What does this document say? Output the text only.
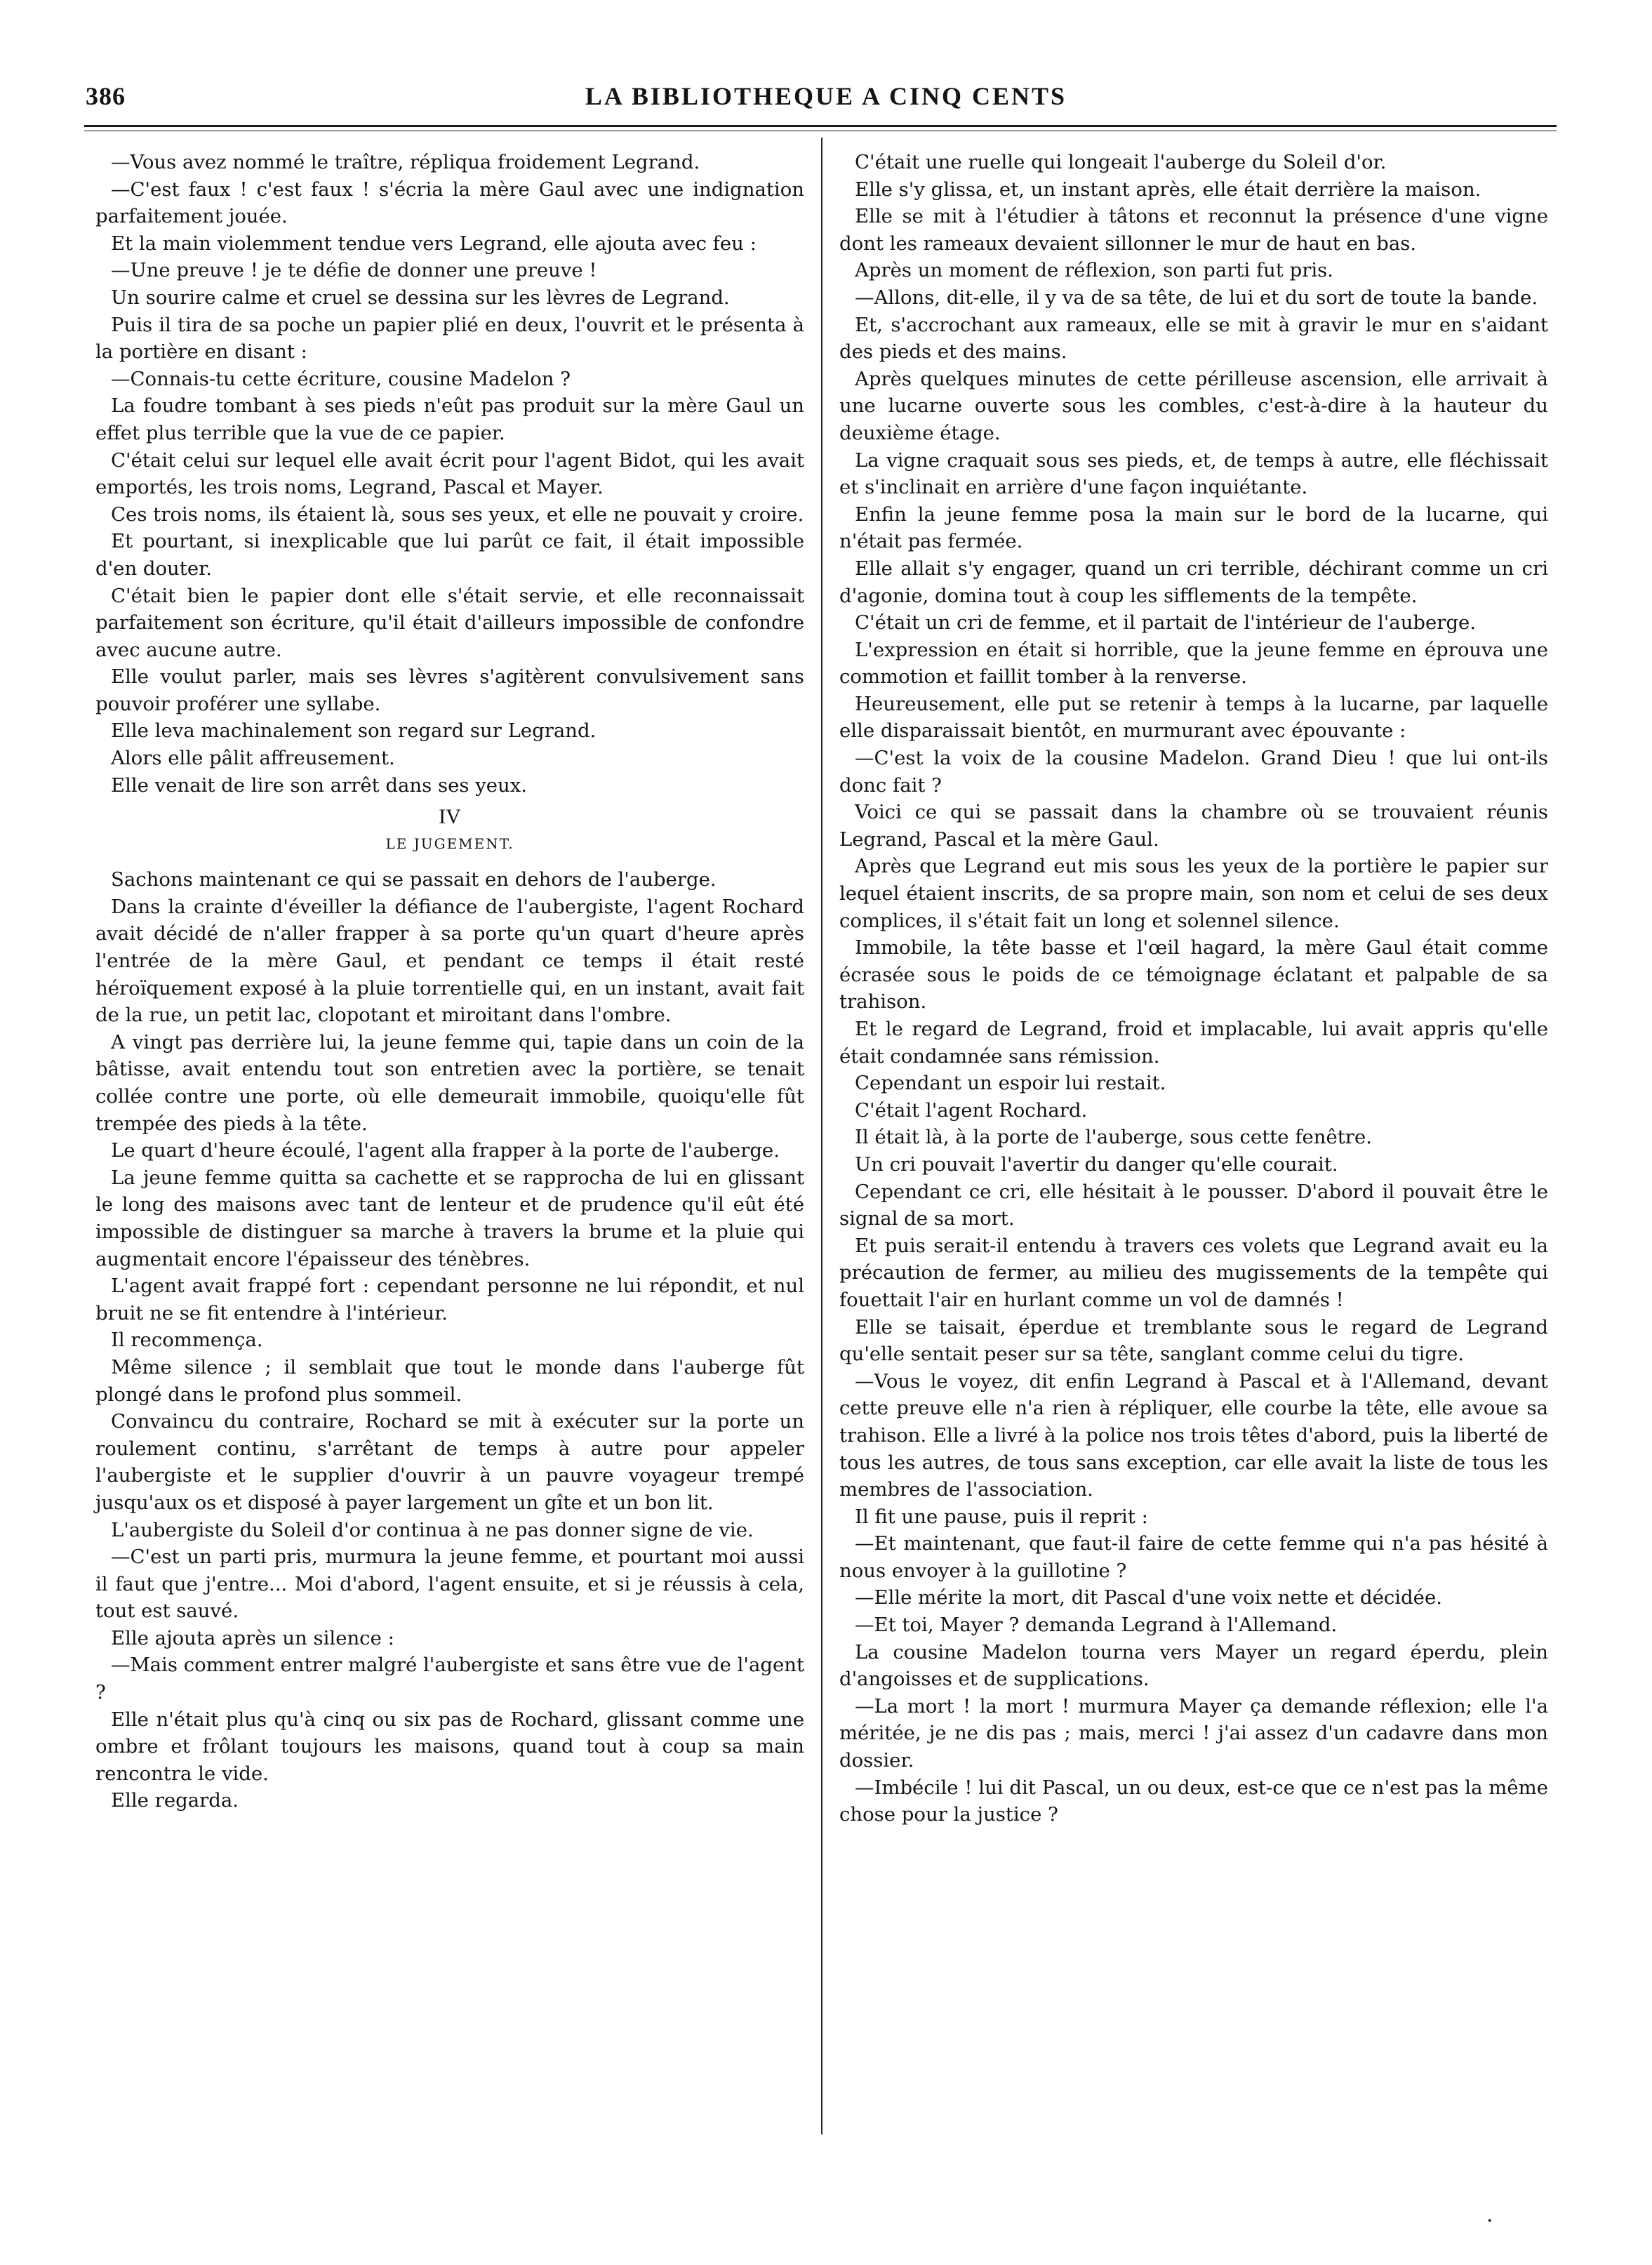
386	LA BIBLIOTHEQUE A CINQ CENTS

—Vous avez nommé le traître, répliqua froidement Legrand.

—C'est faux ! c'est faux ! s'écria la mère Gaul avec une indignation parfaitement jouée.

Et la main violemment tendue vers Legrand, elle ajouta avec feu :

—Une preuve ! je te défie de donner une preuve !

Un sourire calme et cruel se dessina sur les lèvres de Legrand.

Puis il tira de sa poche un papier plié en deux, l'ouvrit et le présenta à la portière en disant :

—Connais-tu cette écriture, cousine Madelon ?

La foudre tombant à ses pieds n'eût pas produit sur la mère Gaul un effet plus terrible que la vue de ce papier.

C'était celui sur lequel elle avait écrit pour l'agent Bidot, qui les avait emportés, les trois noms, Legrand, Pascal et Mayer.

Ces trois noms, ils étaient là, sous ses yeux, et elle ne pouvait y croire.

Et pourtant, si inexplicable que lui parût ce fait, il était impossible d'en douter.

C'était bien le papier dont elle s'était servie, et elle reconnaissait parfaitement son écriture, qu'il était d'ailleurs impossible de confondre avec aucune autre.

Elle voulut parler, mais ses lèvres s'agitèrent convulsivement sans pouvoir proférer une syllabe.

Elle leva machinalement son regard sur Legrand.

Alors elle pâlit affreusement.

Elle venait de lire son arrêt dans ses yeux.

IV
LE JUGEMENT.

Sachons maintenant ce qui se passait en dehors de l'auberge.

Dans la crainte d'éveiller la défiance de l'aubergiste, l'agent Rochard avait décidé de n'aller frapper à sa porte qu'un quart d'heure après l'entrée de la mère Gaul, et pendant ce temps il était resté héroïquement exposé à la pluie torrentielle qui, en un instant, avait fait de la rue, un petit lac, clopotant et miroitant dans l'ombre.

A vingt pas derrière lui, la jeune femme qui, tapie dans un coin de la bâtisse, avait entendu tout son entretien avec la portière, se tenait collée contre une porte, où elle demeurait immobile, quoiqu'elle fût trempée des pieds à la tête.

Le quart d'heure écoulé, l'agent alla frapper à la porte de l'auberge.

La jeune femme quitta sa cachette et se rapprocha de lui en glissant le long des maisons avec tant de lenteur et de prudence qu'il eût été impossible de distinguer sa marche à travers la brume et la pluie qui augmentait encore l'épaisseur des ténèbres.

L'agent avait frappé fort : cependant personne ne lui répondit, et nul bruit ne se fit entendre à l'intérieur.

Il recommença.

Même silence ; il semblait que tout le monde dans l'auberge fût plongé dans le profond plus sommeil.

Convaincu du contraire, Rochard se mit à exécuter sur la porte un roulement continu, s'arrêtant de temps à autre pour appeler l'aubergiste et le supplier d'ouvrir à un pauvre voyageur trempé jusqu'aux os et disposé à payer largement un gîte et un bon lit.

L'aubergiste du Soleil d'or continua à ne pas donner signe de vie.

—C'est un parti pris, murmura la jeune femme, et pourtant moi aussi il faut que j'entre... Moi d'abord, l'agent ensuite, et si je réussis à cela, tout est sauvé.

Elle ajouta après un silence :

—Mais comment entrer malgré l'aubergiste et sans être vue de l'agent ?

Elle n'était plus qu'à cinq ou six pas de Rochard, glissant comme une ombre et frôlant toujours les maisons, quand tout à coup sa main rencontra le vide.

Elle regarda.

C'était une ruelle qui longeait l'auberge du Soleil d'or.

Elle s'y glissa, et, un instant après, elle était derrière la maison.

Elle se mit à l'étudier à tâtons et reconnut la présence d'une vigne dont les rameaux devaient sillonner le mur de haut en bas.

Après un moment de réflexion, son parti fut pris.

—Allons, dit-elle, il y va de sa tête, de lui et du sort de toute la bande.

Et, s'accrochant aux rameaux, elle se mit à gravir le mur en s'aidant des pieds et des mains.

Après quelques minutes de cette périlleuse ascension, elle arrivait à une lucarne ouverte sous les combles, c'est-à-dire à la hauteur du deuxième étage.

La vigne craquait sous ses pieds, et, de temps à autre, elle fléchissait et s'inclinait en arrière d'une façon inquiétante.

Enfin la jeune femme posa la main sur le bord de la lucarne, qui n'était pas fermée.

Elle allait s'y engager, quand un cri terrible, déchirant comme un cri d'agonie, domina tout à coup les sifflements de la tempête.

C'était un cri de femme, et il partait de l'intérieur de l'auberge.

L'expression en était si horrible, que la jeune femme en éprouva une commotion et faillit tomber à la renverse.

Heureusement, elle put se retenir à temps à la lucarne, par laquelle elle disparaissait bientôt, en murmurant avec épouvante :

—C'est la voix de la cousine Madelon. Grand Dieu ! que lui ont-ils donc fait ?

Voici ce qui se passait dans la chambre où se trouvaient réunis Legrand, Pascal et la mère Gaul.

Après que Legrand eut mis sous les yeux de la portière le papier sur lequel étaient inscrits, de sa propre main, son nom et celui de ses deux complices, il s'était fait un long et solennel silence.

Immobile, la tête basse et l'œil hagard, la mère Gaul était comme écrasée sous le poids de ce témoignage éclatant et palpable de sa trahison.

Et le regard de Legrand, froid et implacable, lui avait appris qu'elle était condamnée sans rémission.

Cependant un espoir lui restait.

C'était l'agent Rochard.

Il était là, à la porte de l'auberge, sous cette fenêtre.

Un cri pouvait l'avertir du danger qu'elle courait.

Cependant ce cri, elle hésitait à le pousser. D'abord il pouvait être le signal de sa mort.

Et puis serait-il entendu à travers ces volets que Legrand avait eu la précaution de fermer, au milieu des mugissements de la tempête qui fouettait l'air en hurlant comme un vol de damnés !

Elle se taisait, éperdue et tremblante sous le regard de Legrand qu'elle sentait peser sur sa tête, sanglant comme celui du tigre.

—Vous le voyez, dit enfin Legrand à Pascal et à l'Allemand, devant cette preuve elle n'a rien à répliquer, elle courbe la tête, elle avoue sa trahison. Elle a livré à la police nos trois têtes d'abord, puis la liberté de tous les autres, de tous sans exception, car elle avait la liste de tous les membres de l'association.

Il fit une pause, puis il reprit :

—Et maintenant, que faut-il faire de cette femme qui n'a pas hésité à nous envoyer à la guillotine ?

—Elle mérite la mort, dit Pascal d'une voix nette et décidée.

—Et toi, Mayer ? demanda Legrand à l'Allemand.

La cousine Madelon tourna vers Mayer un regard éperdu, plein d'angoisses et de supplications.

—La mort ! la mort ! murmura Mayer ça demande réflexion; elle l'a méritée, je ne dis pas ; mais, merci ! j'ai assez d'un cadavre dans mon dossier.

—Imbécile ! lui dit Pascal, un ou deux, est-ce que ce n'est pas la même chose pour la justice ?

·
